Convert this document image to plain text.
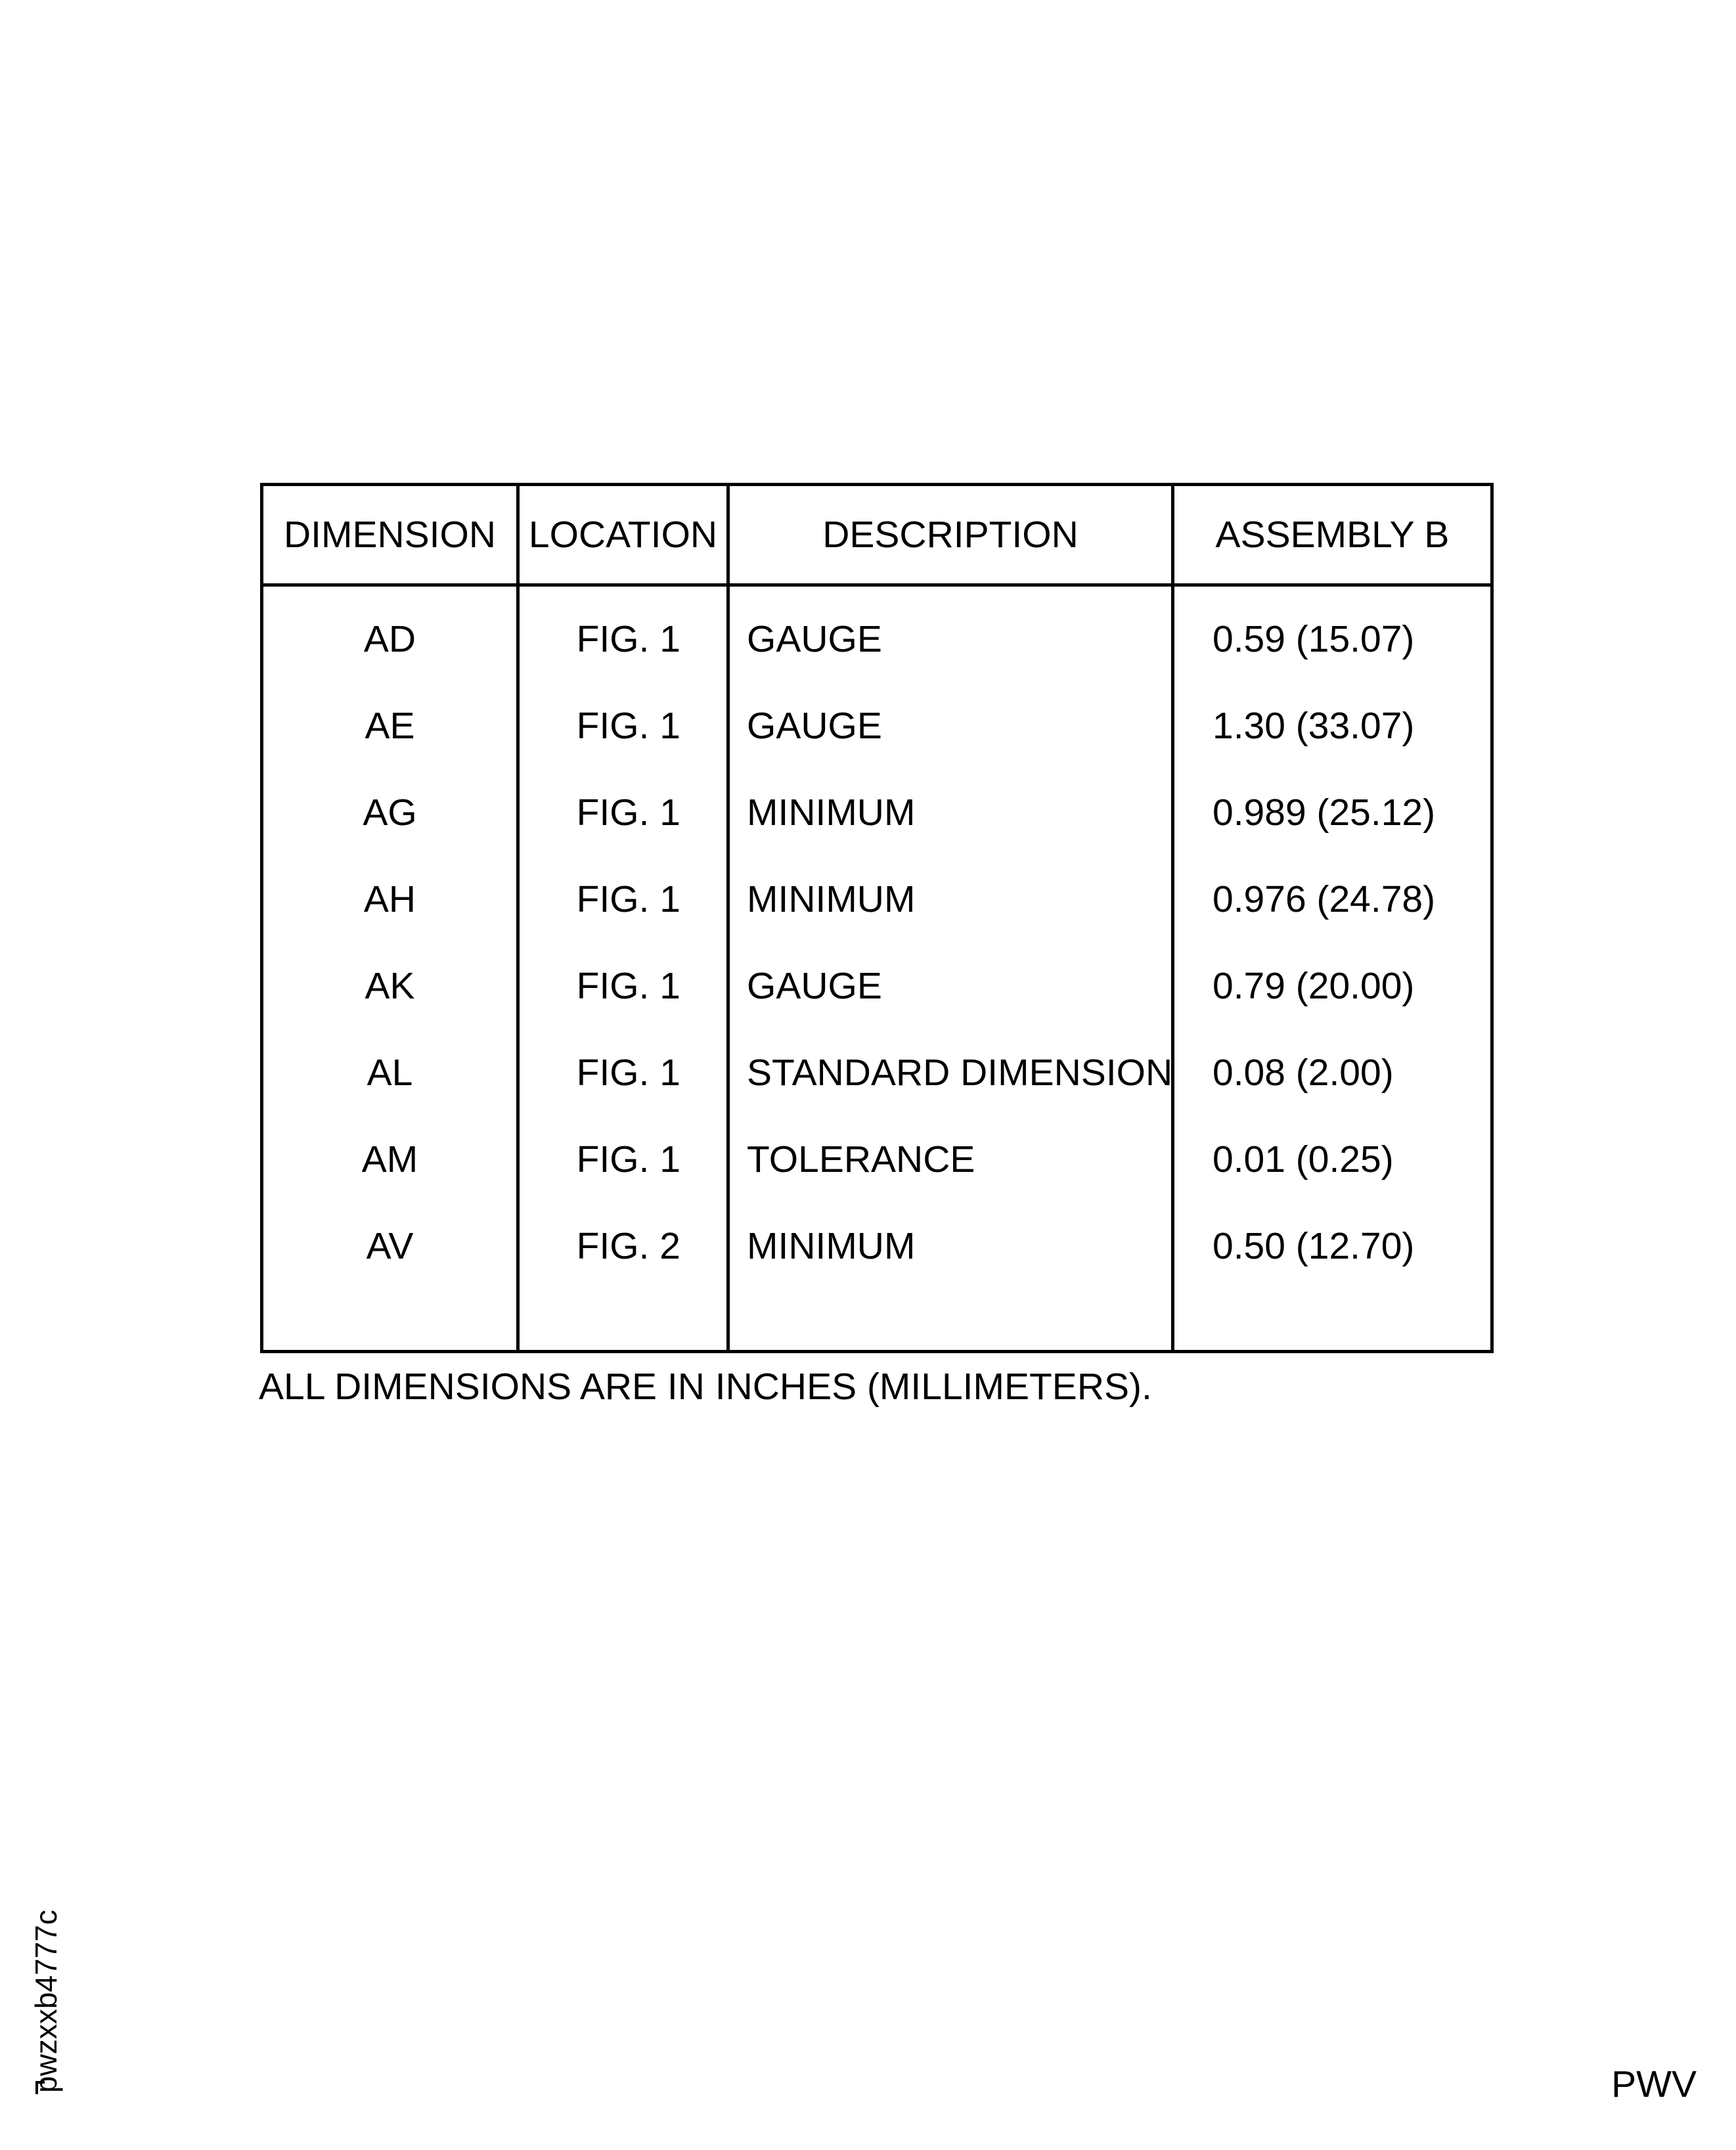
DIMENSION	LOCATION	DESCRIPTION	ASSEMBLY B
AD	FIG. 1	GAUGE	0.59 (15.07)
AE	FIG. 1	GAUGE	1.30 (33.07)
AG	FIG. 1	MINIMUM	0.989 (25.12)
AH	FIG. 1	MINIMUM	0.976 (24.78)
AK	FIG. 1	GAUGE	0.79 (20.00)
AL	FIG. 1	STANDARD DIMENSION	0.08 (2.00)
AM	FIG. 1	TOLERANCE	0.01 (0.25)
AV	FIG. 2	MINIMUM	0.50 (12.70)

ALL DIMENSIONS ARE IN INCHES (MILLIMETERS).
PWV
pwzxxb4777c
